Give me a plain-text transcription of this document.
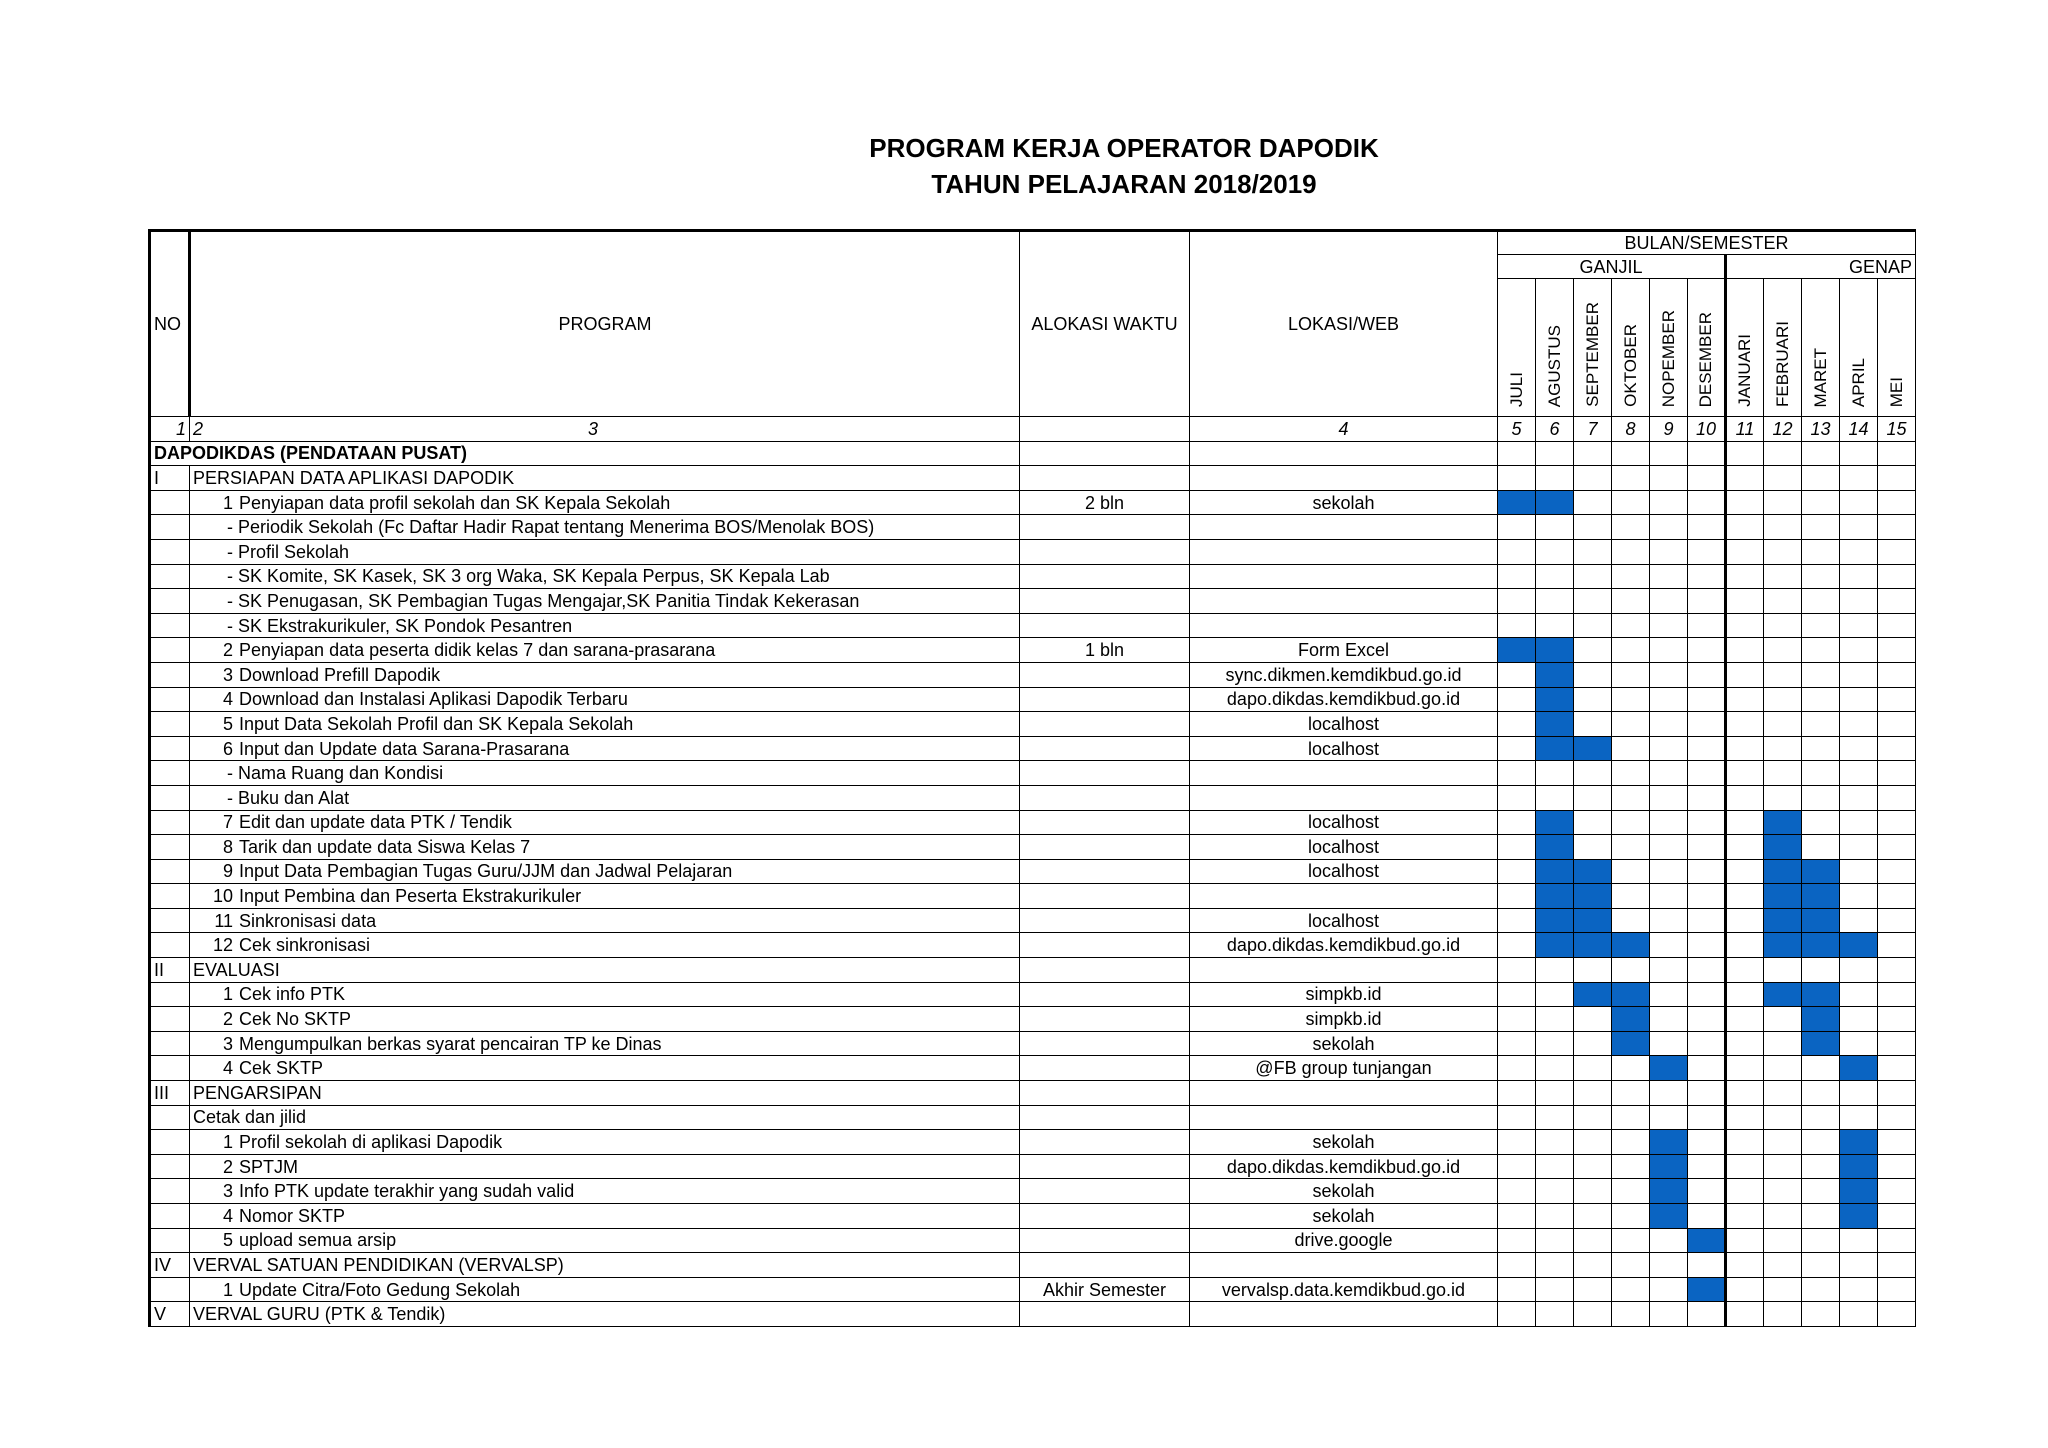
PROGRAM KERJA OPERATOR DAPODIK
TAHUN PELAJARAN 2018/2019
NO	PROGRAM	ALOKASI WAKTU	LOKASI/WEB	BULAN/SEMESTER										
				GANJIL						GENAP				
				JULI	AGUSTUS	SEPTEMBER	OKTOBER	NOPEMBER	DESEMBER	JANUARI	FEBRUARI	MARET	APRIL	MEI
1	2 3		4	5	6	7	8	9	10	11	12	13	14	15
DAPODIKDAS (PENDATAAN PUSAT)														
I	PERSIAPAN DATA APLIKASI DAPODIK													
	1 Penyiapan data profil sekolah dan SK Kepala Sekolah	2 bln	sekolah											
	- Periodik Sekolah (Fc Daftar Hadir Rapat tentang Menerima BOS/Menolak BOS)													
	- Profil Sekolah													
	- SK Komite, SK Kasek, SK 3 org Waka, SK Kepala Perpus, SK Kepala Lab													
	- SK Penugasan, SK Pembagian Tugas Mengajar,SK Panitia Tindak Kekerasan													
	- SK Ekstrakurikuler, SK Pondok Pesantren													
	2 Penyiapan data peserta didik kelas 7 dan sarana-prasarana	1 bln	Form Excel											
	3 Download Prefill Dapodik		sync.dikmen.kemdikbud.go.id											
	4 Download dan Instalasi Aplikasi Dapodik Terbaru		dapo.dikdas.kemdikbud.go.id											
	5 Input Data Sekolah Profil dan SK Kepala Sekolah		localhost											
	6 Input dan Update data Sarana-Prasarana		localhost											
	- Nama Ruang dan Kondisi													
	- Buku dan Alat													
	7 Edit dan update data PTK / Tendik		localhost											
	8 Tarik dan update data Siswa Kelas 7		localhost											
	9 Input Data Pembagian Tugas Guru/JJM dan Jadwal Pelajaran		localhost											
	10 Input Pembina dan Peserta Ekstrakurikuler													
	11 Sinkronisasi data		localhost											
	12 Cek sinkronisasi		dapo.dikdas.kemdikbud.go.id											
II	EVALUASI													
	1 Cek info PTK		simpkb.id											
	2 Cek No SKTP		simpkb.id											
	3 Mengumpulkan berkas syarat pencairan TP ke Dinas		sekolah											
	4 Cek SKTP		@FB group tunjangan											
III	PENGARSIPAN													
	Cetak dan jilid													
	1 Profil sekolah di aplikasi Dapodik		sekolah											
	2 SPTJM		dapo.dikdas.kemdikbud.go.id											
	3 Info PTK update terakhir yang sudah valid		sekolah											
	4 Nomor SKTP		sekolah											
	5 upload semua arsip		drive.google											
IV	VERVAL SATUAN PENDIDIKAN (VERVALSP)													
	1 Update Citra/Foto Gedung Sekolah	Akhir Semester	vervalsp.data.kemdikbud.go.id											
V	VERVAL GURU (PTK & Tendik)													
